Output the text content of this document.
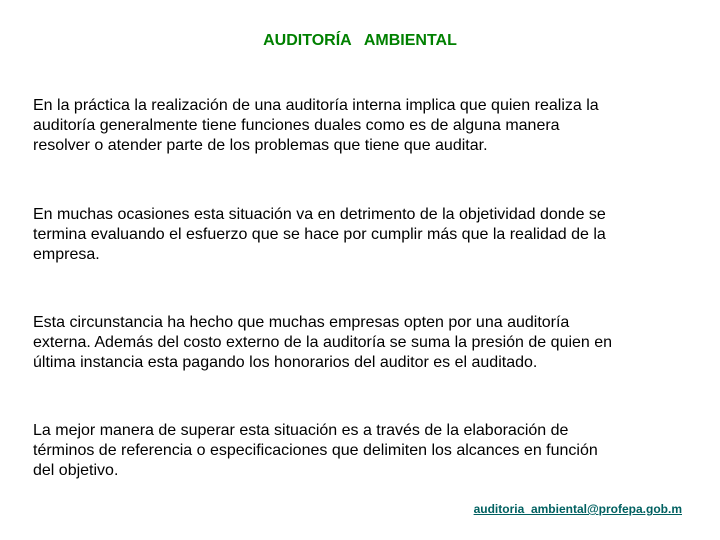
AUDITORÍA   AMBIENTAL

En la práctica la realización de una auditoría interna implica que quien realiza la
auditoría generalmente tiene funciones duales como es de alguna manera
resolver o atender parte de los problemas que tiene que auditar.

En muchas ocasiones esta situación va en detrimento de la objetividad donde se
termina evaluando el esfuerzo que se hace por cumplir más que la realidad de la
empresa.

Esta circunstancia ha hecho que muchas empresas opten por una auditoría
externa. Además del costo externo de la auditoría se suma la presión de quien en
última instancia esta pagando los honorarios del auditor es el auditado.

La mejor manera de superar esta situación es a través de la elaboración de
términos de referencia o especificaciones que delimiten los alcances en función
del objetivo.

auditoria_ambiental@profepa.gob.m
